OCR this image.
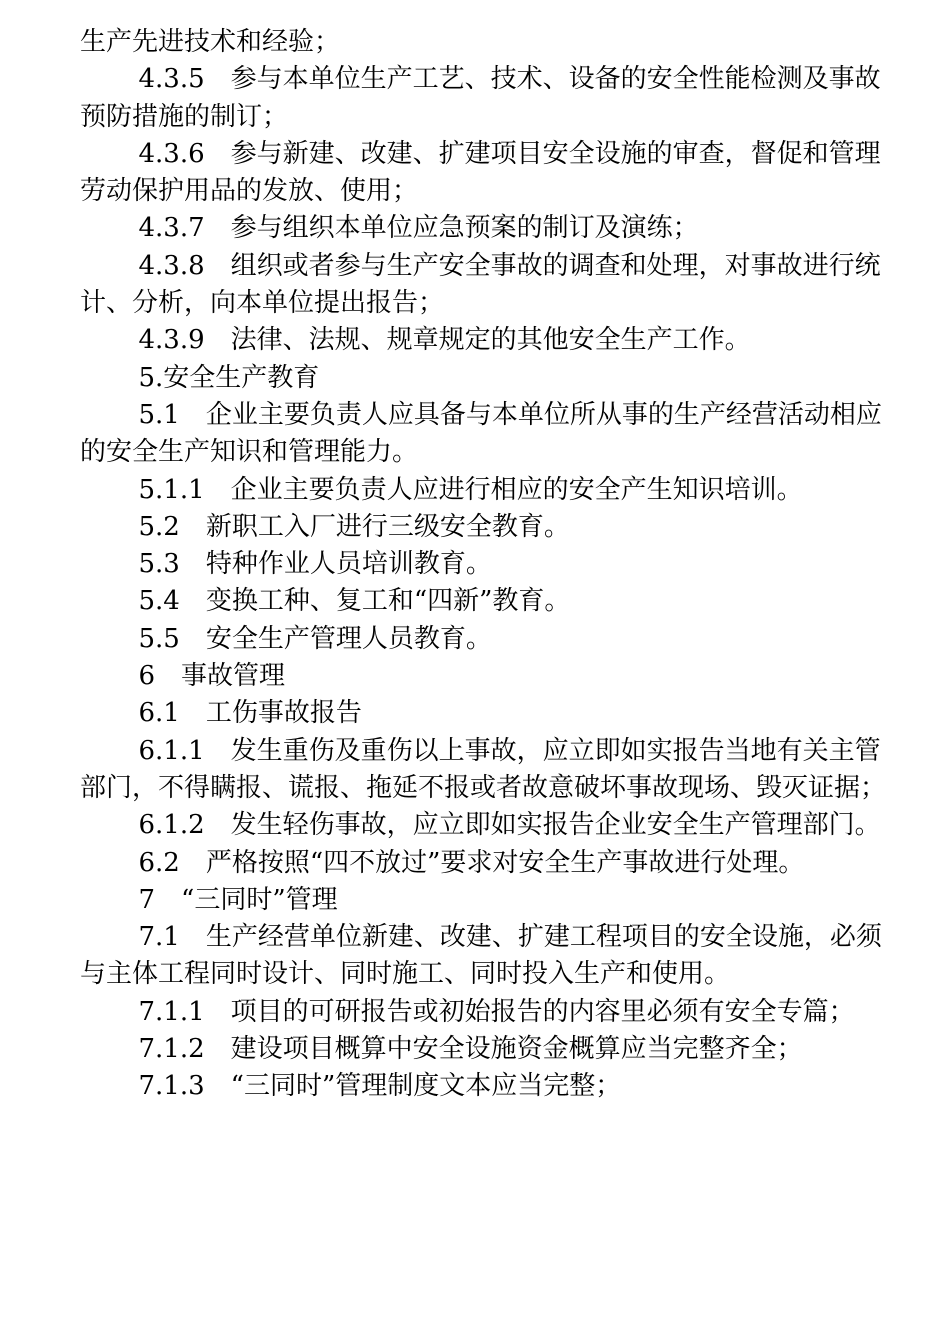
生产先进技术和经验；

4.3.5　参与本单位生产工艺、技术、设备的安全性能检测及事故预防措施的制订；

4.3.6　参与新建、改建、扩建项目安全设施的审查，督促和管理劳动保护用品的发放、使用；

4.3.7　参与组织本单位应急预案的制订及演练；

4.3.8　组织或者参与生产安全事故的调查和处理，对事故进行统计、分析，向本单位提出报告；

4.3.9　法律、法规、规章规定的其他安全生产工作。

5.安全生产教育

5.1　企业主要负责人应具备与本单位所从事的生产经营活动相应的安全生产知识和管理能力。

5.1.1　企业主要负责人应进行相应的安全产生知识培训。

5.2　新职工入厂进行三级安全教育。

5.3　特种作业人员培训教育。

5.4　变换工种、复工和“四新”教育。

5.5　安全生产管理人员教育。

6　事故管理

6.1　工伤事故报告

6.1.1　发生重伤及重伤以上事故，应立即如实报告当地有关主管部门，不得瞒报、谎报、拖延不报或者故意破坏事故现场、毁灭证据；

6.1.2　发生轻伤事故，应立即如实报告企业安全生产管理部门。

6.2　严格按照“四不放过”要求对安全生产事故进行处理。

7　“三同时”管理

7.1　生产经营单位新建、改建、扩建工程项目的安全设施，必须与主体工程同时设计、同时施工、同时投入生产和使用。

7.1.1　项目的可研报告或初始报告的内容里必须有安全专篇；

7.1.2　建设项目概算中安全设施资金概算应当完整齐全；

7.1.3　“三同时”管理制度文本应当完整；
